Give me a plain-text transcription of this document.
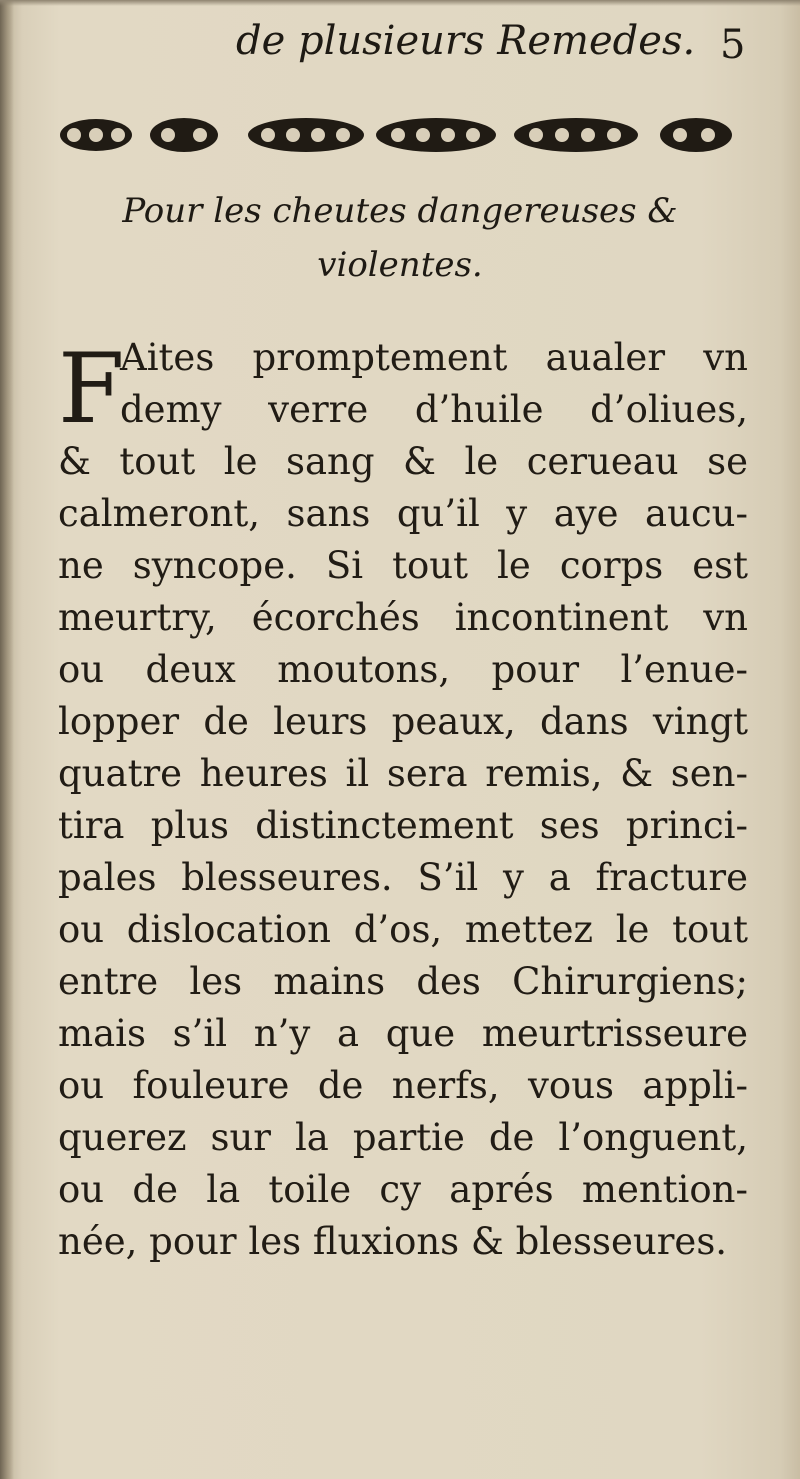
de plusieurs Remedes. 5
Pour les cheutes dangereuses &
violentes.
F
Aites promptement aualer vn
demy verre d’huile d’oliues,
& tout le sang & le cerueau se
calmeront, sans qu’il y aye aucu-
ne syncope. Si tout le corps est
meurtry, écorchés incontinent vn
ou deux moutons, pour l’enue-
lopper de leurs peaux, dans vingt
quatre heures il sera remis, & sen-
tira plus distinctement ses princi-
pales blesseures. S’il y a fracture
ou dislocation d’os, mettez le tout
entre les mains des Chirurgiens;
mais s’il n’y a que meurtrisseure
ou fouleure de nerfs, vous appli-
querez sur la partie de l’onguent,
ou de la toile cy aprés mention-
née, pour les fluxions & blesseures.
